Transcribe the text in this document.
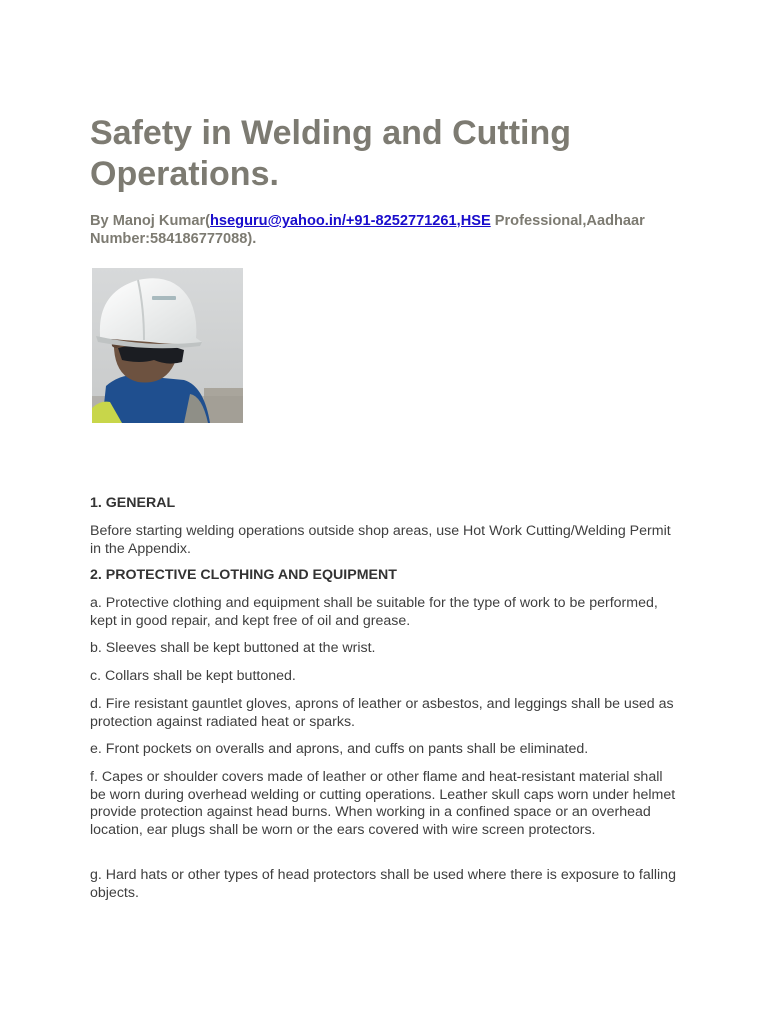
Safety in Welding and Cutting Operations.

By Manoj Kumar(hseguru@yahoo.in/+91-8252771261,HSE Professional,Aadhaar Number:584186777088).

1. GENERAL

Before starting welding operations outside shop areas, use Hot Work Cutting/Welding Permit in the Appendix.

2. PROTECTIVE CLOTHING AND EQUIPMENT

a. Protective clothing and equipment shall be suitable for the type of work to be performed, kept in good repair, and kept free of oil and grease.

b. Sleeves shall be kept buttoned at the wrist.

c. Collars shall be kept buttoned.

d. Fire resistant gauntlet gloves, aprons of leather or asbestos, and leggings shall be used as protection against radiated heat or sparks.

e. Front pockets on overalls and aprons, and cuffs on pants shall be eliminated.

f. Capes or shoulder covers made of leather or other flame and heat-resistant material shall be worn during overhead welding or cutting operations. Leather skull caps worn under helmet provide protection against head burns. When working in a confined space or an overhead location, ear plugs shall be worn or the ears covered with wire screen protectors.

g. Hard hats or other types of head protectors shall be used where there is exposure to falling objects.
